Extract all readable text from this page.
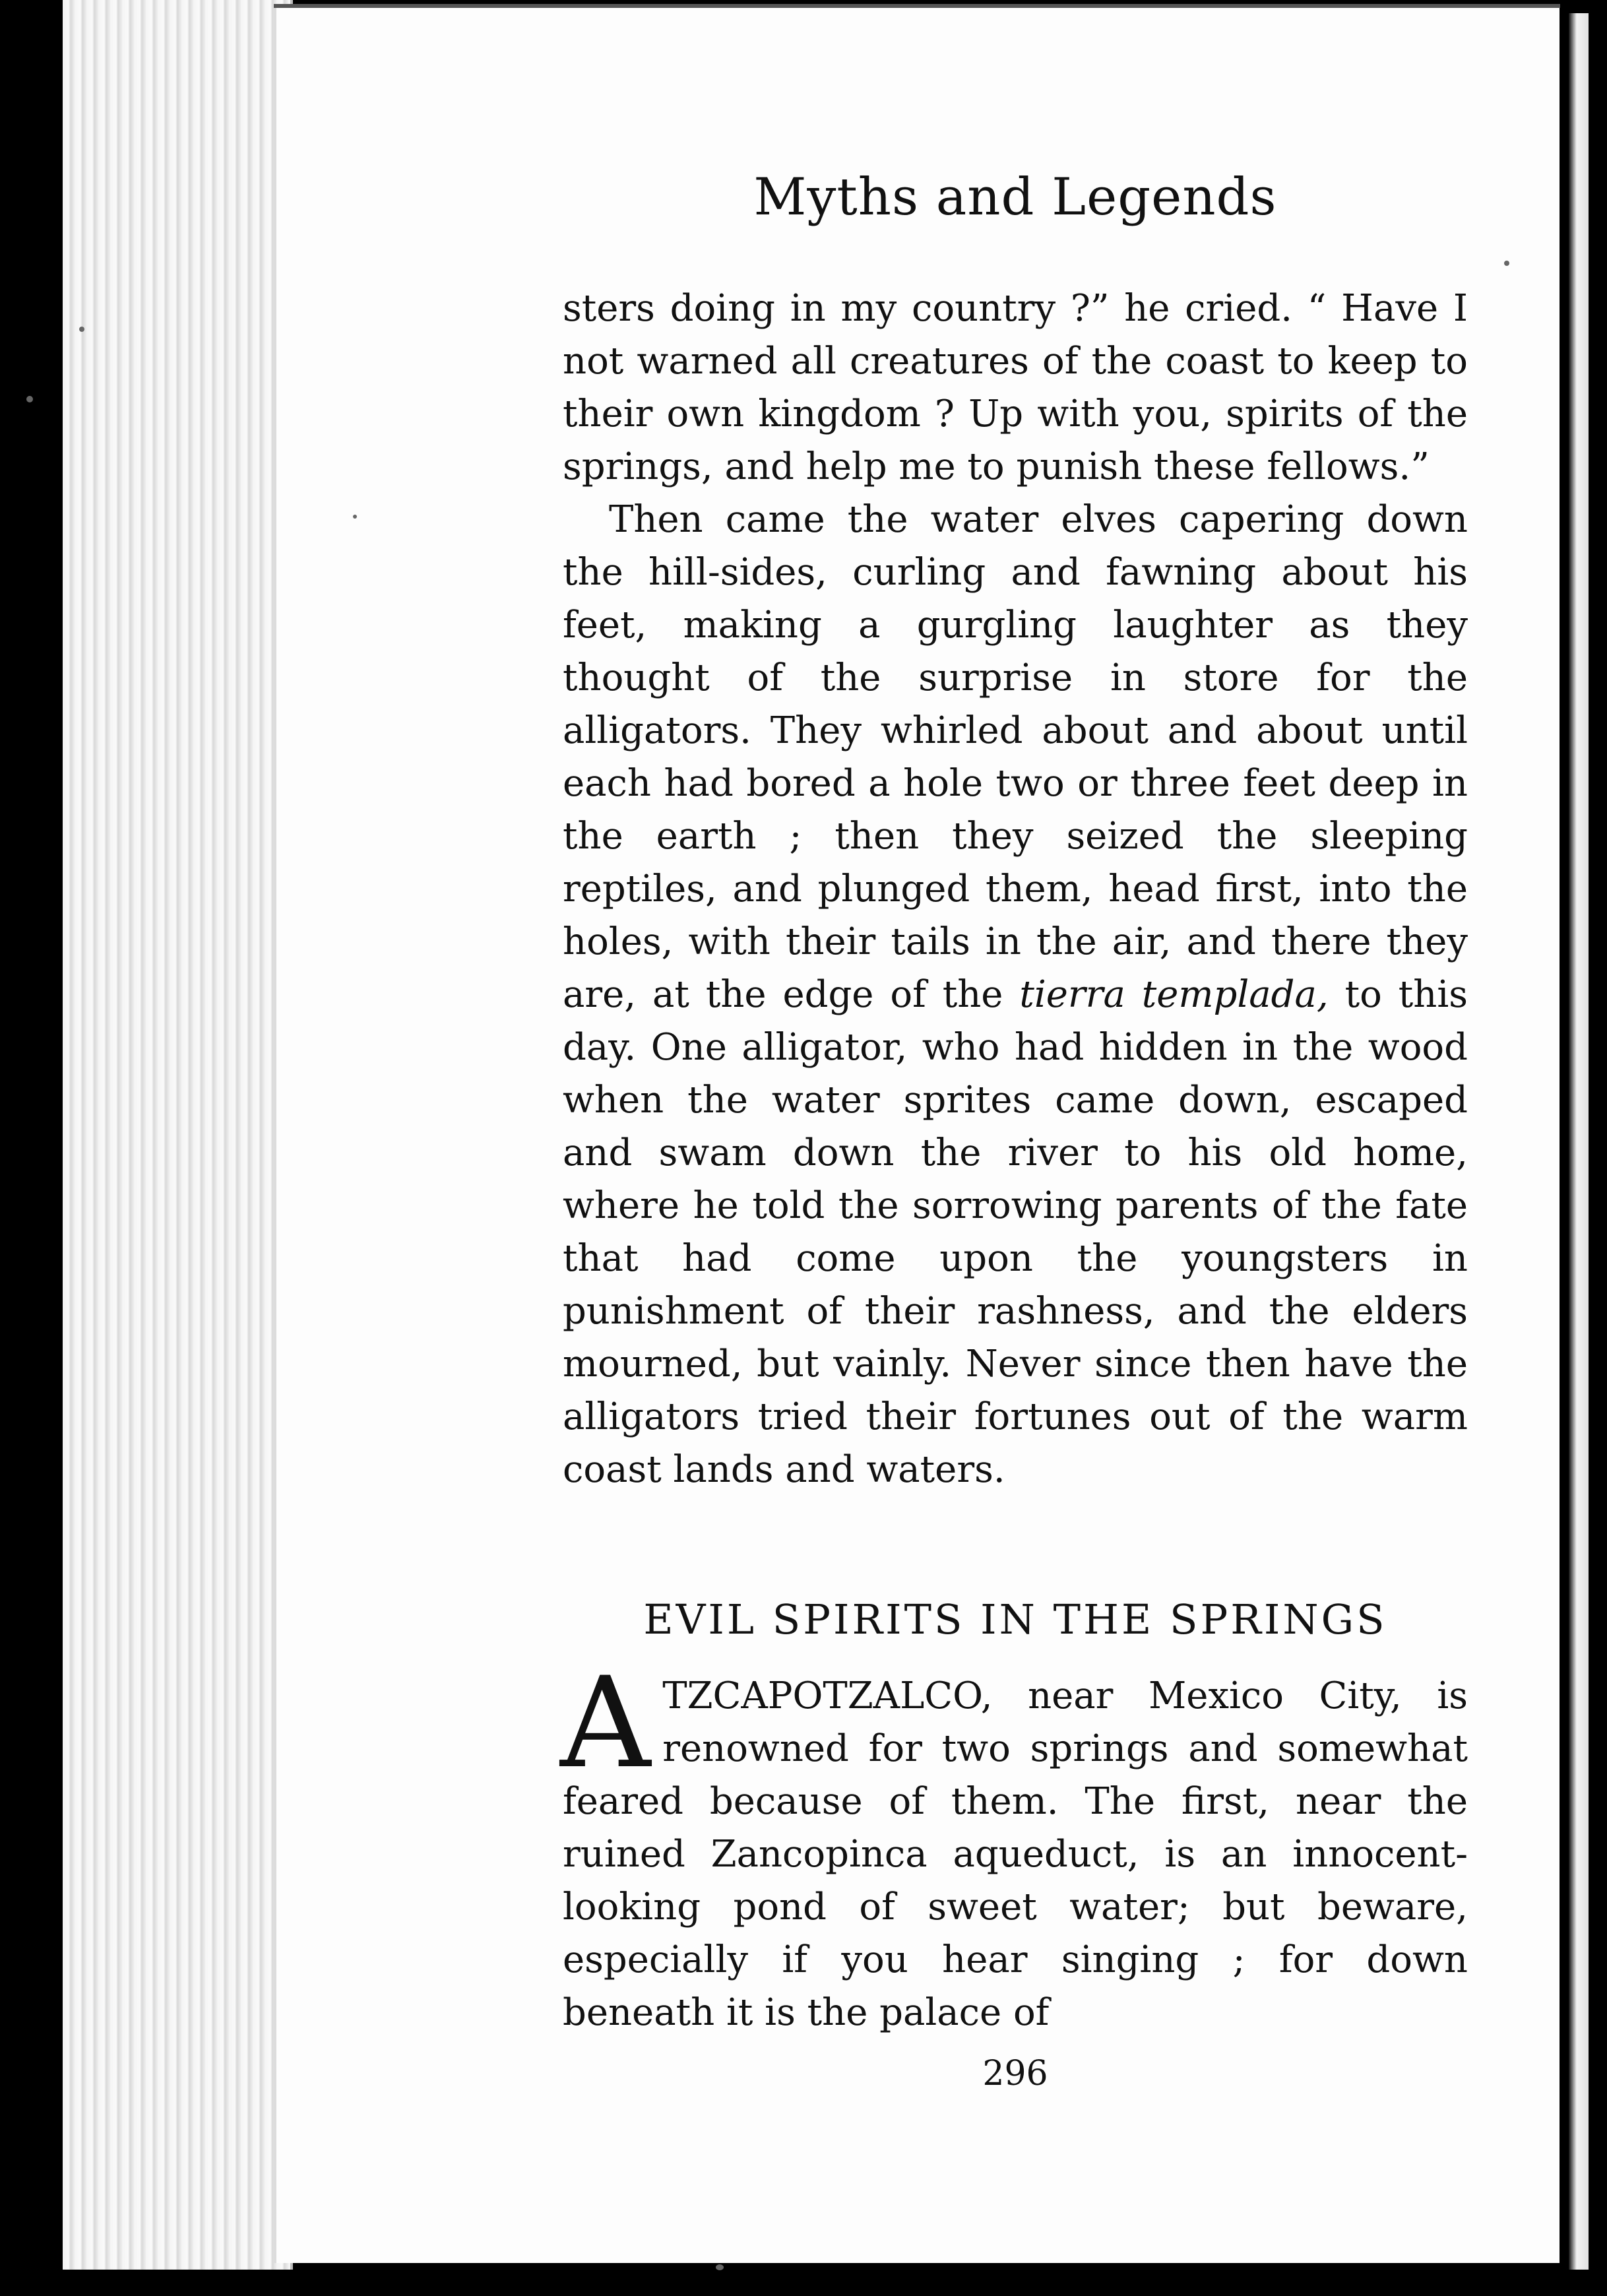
Myths and Legends

sters doing in my country ?” he cried. “ Have I not warned all creatures of the coast to keep to their own kingdom ? Up with you, spirits of the springs, and help me to punish these fellows.”

Then came the water elves capering down the hill-sides, curling and fawning about his feet, making a gurgling laughter as they thought of the surprise in store for the alligators. They whirled about and about until each had bored a hole two or three feet deep in the earth ; then they seized the sleeping reptiles, and plunged them, head first, into the holes, with their tails in the air, and there they are, at the edge of the tierra templada, to this day. One alligator, who had hidden in the wood when the water sprites came down, escaped and swam down the river to his old home, where he told the sorrowing parents of the fate that had come upon the youngsters in punishment of their rashness, and the elders mourned, but vainly. Never since then have the alligators tried their fortunes out of the warm coast lands and waters.

EVIL SPIRITS IN THE SPRINGS

ATZCAPOTZALCO, near Mexico City, is renowned for two springs and somewhat feared because of them. The first, near the ruined Zancopinca aqueduct, is an innocent-looking pond of sweet water; but beware, especially if you hear singing ; for down beneath it is the palace of

296
